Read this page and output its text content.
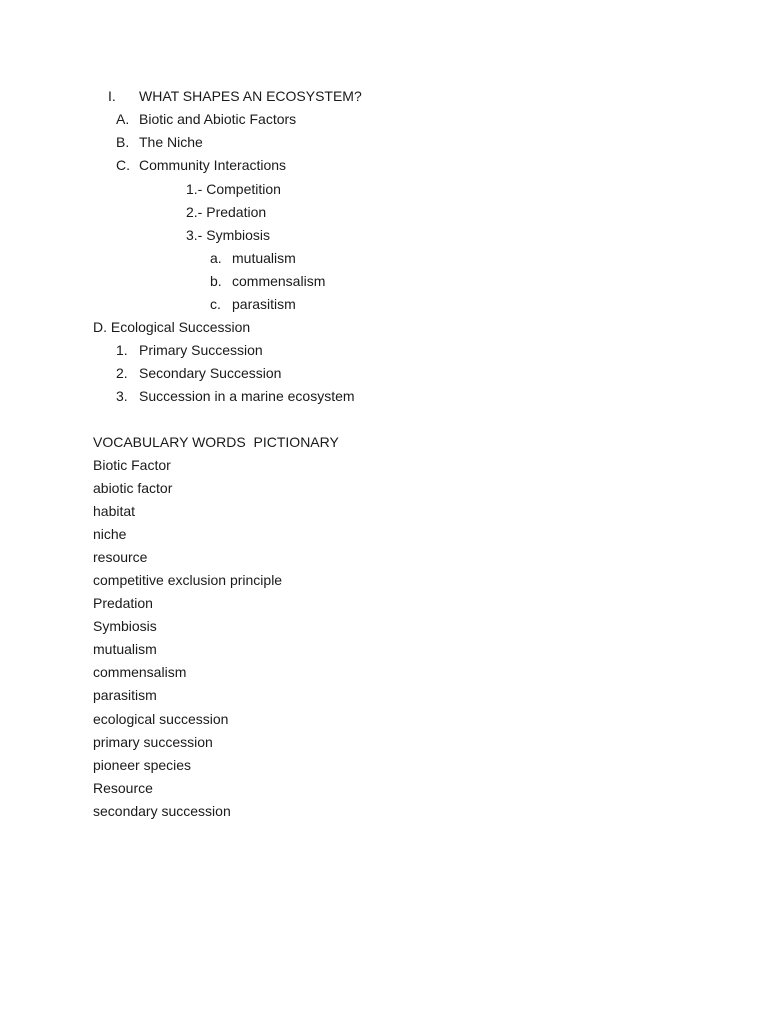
I. WHAT SHAPES AN ECOSYSTEM?
A. Biotic and Abiotic Factors
B. The Niche
C. Community Interactions
1.- Competition
2.- Predation
3.- Symbiosis
a. mutualism
b. commensalism
c. parasitism
D. Ecological Succession
1. Primary Succession
2. Secondary Succession
3. Succession in a marine ecosystem
VOCABULARY WORDS  PICTIONARY
Biotic Factor
abiotic factor
habitat
niche
resource
competitive exclusion principle
Predation
Symbiosis
mutualism
commensalism
parasitism
ecological succession
primary succession
pioneer species
Resource
secondary succession
